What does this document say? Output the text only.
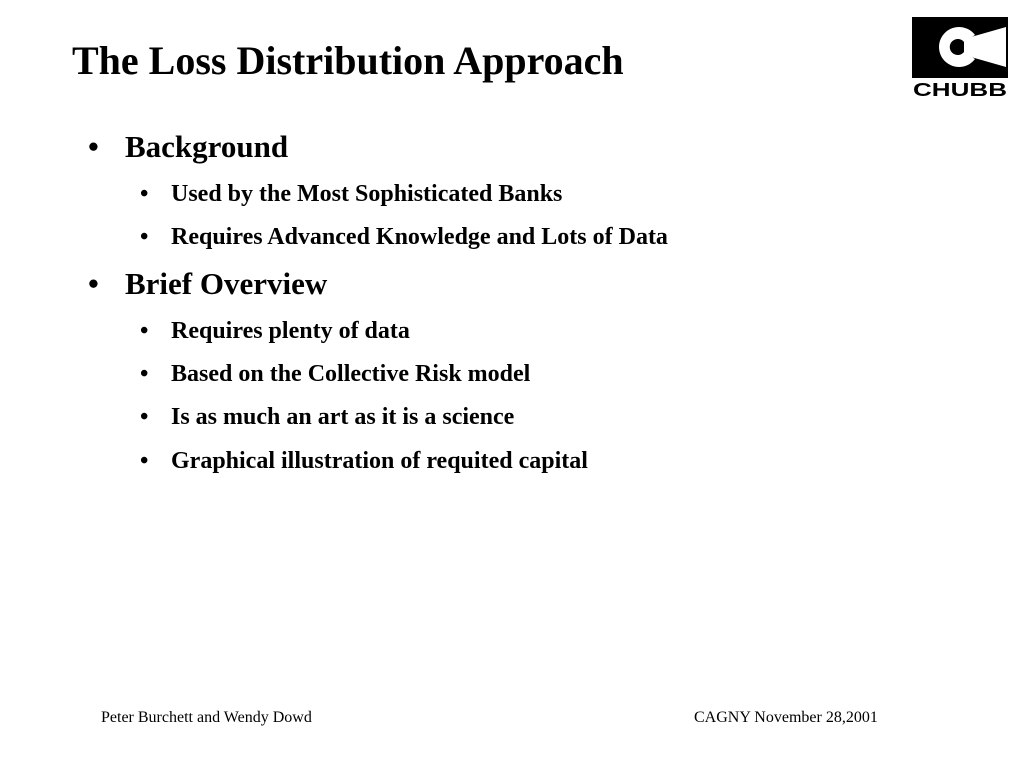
The Loss Distribution Approach
CHUBB
• Background
• Used by the Most Sophisticated Banks
• Requires Advanced Knowledge and Lots of Data
• Brief Overview
• Requires plenty of data
• Based on the Collective Risk model
• Is as much an art as it is a science
• Graphical illustration of requited capital
Peter Burchett and Wendy Dowd	CAGNY November 28,2001
